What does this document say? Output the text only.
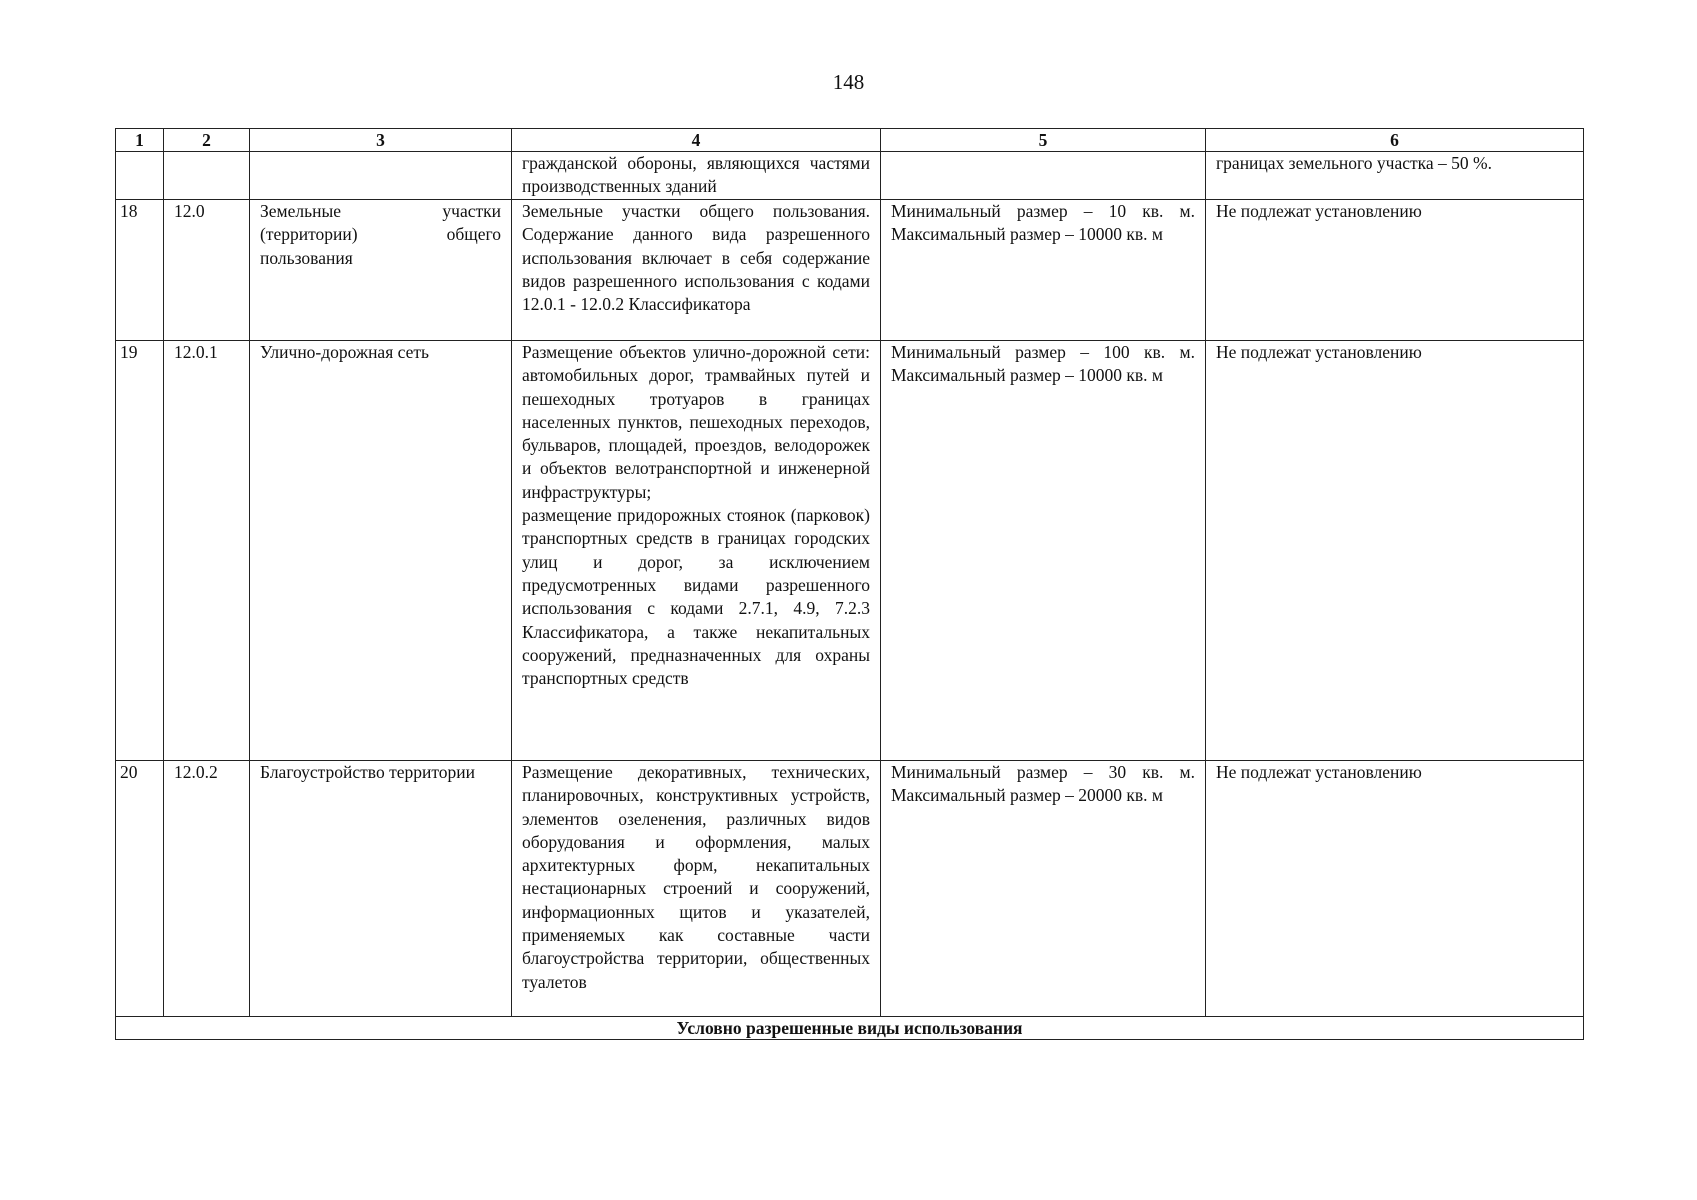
148
1	2	3	4	5	6

			гражданской обороны, являющихся частями производственных зданий		границах земельного участка – 50 %.
18	12.0	Земельные участки (территории) общего пользования	Земельные участки общего пользования. Содержание данного вида разрешенного использования включает в себя содержание видов разрешенного использования с кодами 12.0.1 - 12.0.2 Классификатора	Минимальный размер – 10 кв. м. Максимальный размер – 10000 кв. м	Не подлежат установлению
19	12.0.1	Улично-дорожная сеть	Размещение объектов улично-дорожной сети: автомобильных дорог, трамвайных путей и пешеходных тротуаров в границах населенных пунктов, пешеходных переходов, бульваров, площадей, проездов, велодорожек и объектов велотранспортной и инженерной инфраструктуры;
размещение придорожных стоянок (парковок) транспортных средств в границах городских улиц и дорог, за исключением предусмотренных видами разрешенного использования с кодами 2.7.1, 4.9, 7.2.3 Классификатора, а также некапитальных сооружений, предназначенных для охраны транспортных средств	Минимальный размер – 100 кв. м. Максимальный размер – 10000 кв. м	Не подлежат установлению
20	12.0.2	Благоустройство территории	Размещение декоративных, технических, планировочных, конструктивных устройств, элементов озеленения, различных видов оборудования и оформления, малых архитектурных форм, некапитальных нестационарных строений и сооружений, информационных щитов и указателей, применяемых как составные части благоустройства территории, общественных туалетов	Минимальный размер – 30 кв. м. Максимальный размер – 20000 кв. м	Не подлежат установлению
Условно разрешенные виды использования					
